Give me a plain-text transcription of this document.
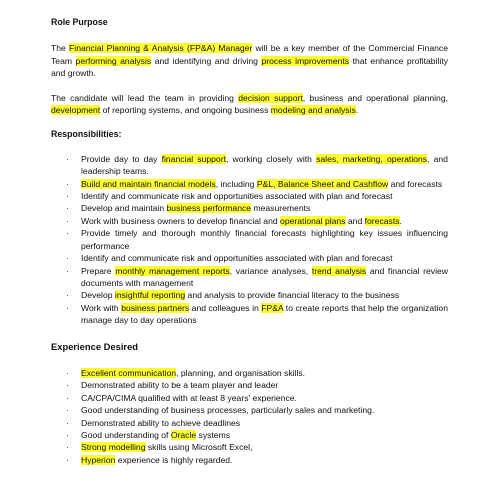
Role Purpose

The Financial Planning & Analysis (FP&A) Manager will be a key member of the Commercial Finance Team performing analysis and identifying and driving process improvements that enhance profitability and growth.

The candidate will lead the team in providing decision support, business and operational planning, development of reporting systems, and ongoing business modeling and analysis.

Responsibilities:

· Provide day to day financial support, working closely with sales, marketing, operations, and leadership teams.
· Build and maintain financial models, including P&L, Balance Sheet and Cashflow and forecasts
· Identify and communicate risk and opportunities associated with plan and forecast
· Develop and maintain business performance measurements
· Work with business owners to develop financial and operational plans and forecasts.
· Provide timely and thorough monthly financial forecasts highlighting key issues influencing performance
· Identify and communicate risk and opportunities associated with plan and forecast
· Prepare monthly management reports, variance analyses, trend analysis and financial review documents with management
· Develop insightful reporting and analysis to provide financial literacy to the business
· Work with business partners and colleagues in FP&A to create reports that help the organization manage day to day operations

Experience Desired

· Excellent communication, planning, and organisation skills.
· Demonstrated ability to be a team player and leader
· CA/CPA/CIMA qualified with at least 8 years' experience.
· Good understanding of business processes, particularly sales and marketing.
· Demonstrated ability to achieve deadlines
· Good understanding of Oracle systems
· Strong modelling skills using Microsoft Excel,
· Hyperion experience is highly regarded.
